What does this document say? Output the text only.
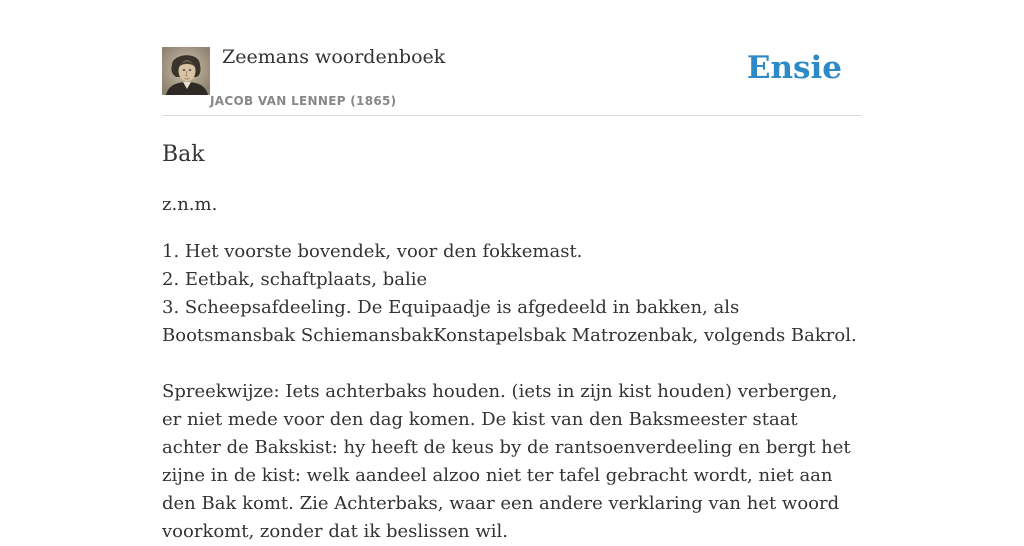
Zeemans woordenboek
JACOB VAN LENNEP (1865)
Ensie
Bak

z.n.m.

1. Het voorste bovendek, voor den fokkemast.
2. Eetbak, schaftplaats, balie
3. Scheepsafdeeling. De Equipaadje is afgedeeld in bakken, als Bootsmansbak SchiemansbakKonstapelsbak Matrozenbak, volgends Bakrol.

Spreekwijze: Iets achterbaks houden. (iets in zijn kist houden) verbergen, er niet mede voor den dag komen. De kist van den Baksmeester staat achter de Bakskist: hy heeft de keus by de rantsoenverdeeling en bergt het zijne in de kist: welk aandeel alzoo niet ter tafel gebracht wordt, niet aan den Bak komt. Zie Achterbaks, waar een andere verklaring van het woord voorkomt, zonder dat ik beslissen wil.
